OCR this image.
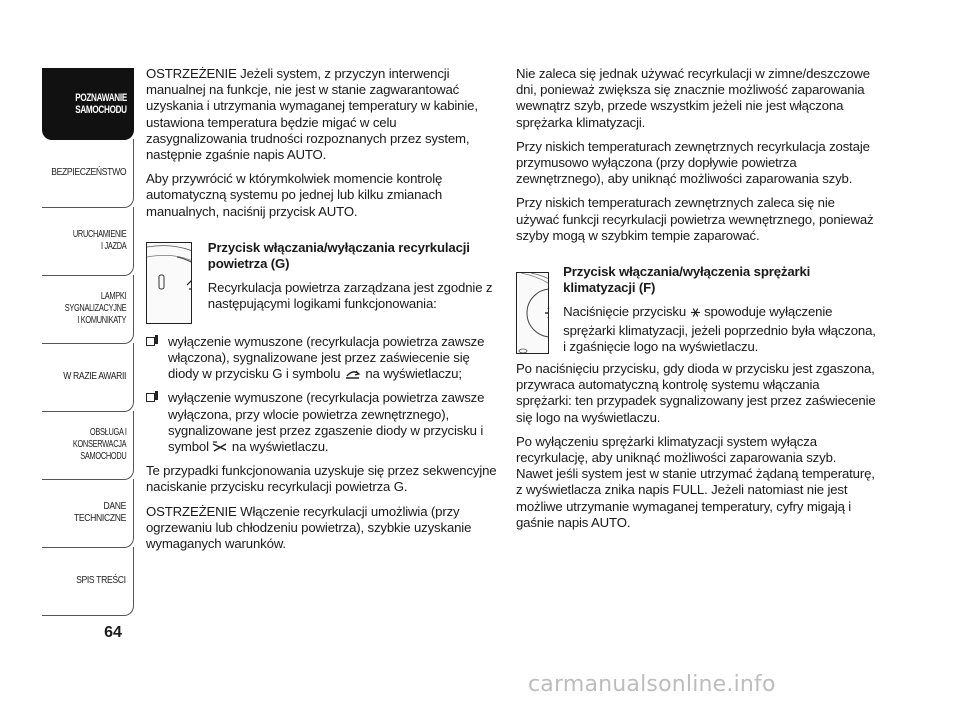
POZNAWANIE
SAMOCHODU
BEZPIECZEŃSTWO
URUCHAMIENIE
I JAZDA
LAMPKI
SYGNALIZACYJNE
I KOMUNIKATY
W RAZIE AWARII
OBSŁUGA I
KONSERWACJA
SAMOCHODU
DANE TECHNICZNE
SPIS TREŚCI
64

OSTRZEŻENIE Jeżeli system, z przyczyn interwencji manualnej na funkcje, nie jest w stanie zagwarantować uzyskania i utrzymania wymaganej temperatury w kabinie, ustawiona temperatura będzie migać w celu zasygnalizowania trudności rozpoznanych przez system, następnie zgaśnie napis AUTO.

Aby przywrócić w którymkolwiek momencie kontrolę automatyczną systemu po jednej lub kilku zmianach manualnych, naciśnij przycisk AUTO.

Przycisk włączania/wyłączania recyrkulacji powietrza (G)

Recyrkulacja powietrza zarządzana jest zgodnie z następującymi logikami funkcjonowania:

wyłączenie wymuszone (recyrkulacja powietrza zawsze włączona), sygnalizowane jest przez zaświecenie się diody w przycisku G i symbolu na wyświetlaczu;
wyłączenie wymuszone (recyrkulacja powietrza zawsze wyłączona, przy wlocie powietrza zewnętrznego), sygnalizowane jest przez zgaszenie diody w przycisku i symbol na wyświetlaczu.

Te przypadki funkcjonowania uzyskuje się przez sekwencyjne naciskanie przycisku recyrkulacji powietrza G.

OSTRZEŻENIE Włączenie recyrkulacji umożliwia (przy ogrzewaniu lub chłodzeniu powietrza), szybkie uzyskanie wymaganych warunków.

Nie zaleca się jednak używać recyrkulacji w zimne/deszczowe dni, ponieważ zwiększa się znacznie możliwość zaparowania wewnątrz szyb, przede wszystkim jeżeli nie jest włączona sprężarka klimatyzacji.

Przy niskich temperaturach zewnętrznych recyrkulacja zostaje przymusowo wyłączona (przy dopływie powietrza zewnętrznego), aby uniknąć możliwości zaparowania szyb.

Przy niskich temperaturach zewnętrznych zaleca się nie używać funkcji recyrkulacji powietrza wewnętrznego, ponieważ szyby mogą w szybkim tempie zaparować.

Przycisk włączania/wyłączenia sprężarki klimatyzacji (F)

Naciśnięcie przycisku spowoduje wyłączenie sprężarki klimatyzacji, jeżeli poprzednio była włączona, i zgaśnięcie logo na wyświetlaczu.

Po naciśnięciu przycisku, gdy dioda w przycisku jest zgaszona, przywraca automatyczną kontrolę systemu włączania sprężarki: ten przypadek sygnalizowany jest przez zaświecenie się logo na wyświetlaczu.

Po wyłączeniu sprężarki klimatyzacji system wyłącza recyrkulację, aby uniknąć możliwości zaparowania szyb. Nawet jeśli system jest w stanie utrzymać żądaną temperaturę, z wyświetlacza znika napis FULL. Jeżeli natomiast nie jest możliwe utrzymanie wymaganej temperatury, cyfry migają i gaśnie napis AUTO.

carmanualsonline.info
